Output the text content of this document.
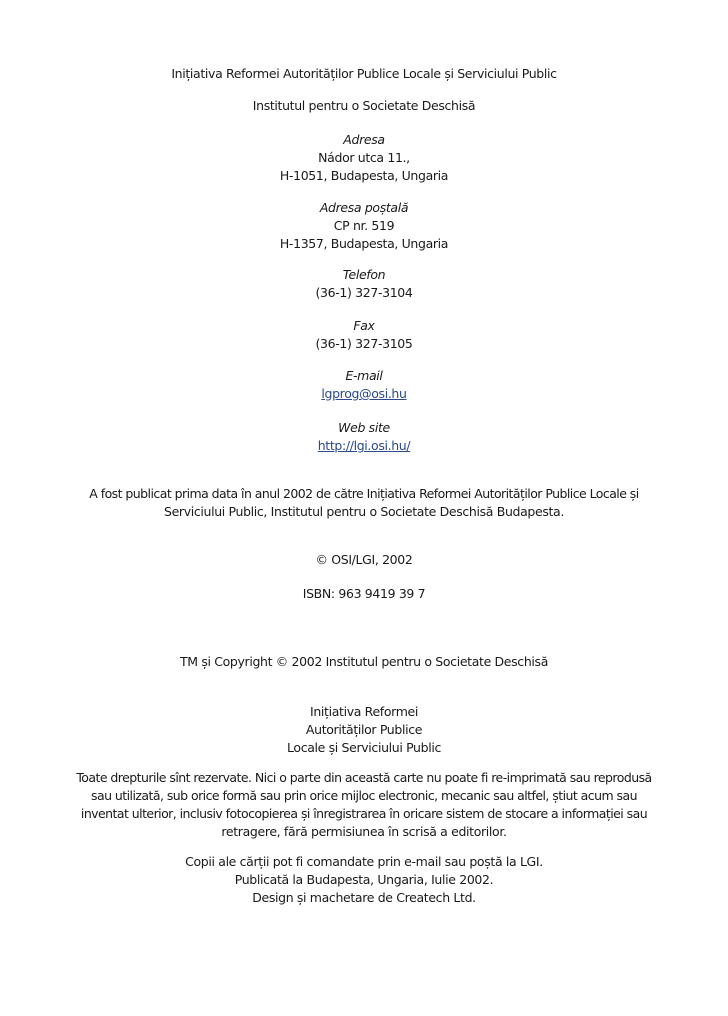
Inițiativa Reformei Autorităților Publice Locale și Serviciului Public
Institutul pentru o Societate Deschisă
Adresa
Nádor utca 11.,
H-1051, Budapesta, Ungaria
Adresa poștală
CP nr. 519
H-1357, Budapesta, Ungaria
Telefon
(36-1) 327-3104
Fax
(36-1) 327-3105
E-mail
lgprog@osi.hu
Web site
http://lgi.osi.hu/
A fost publicat prima data în anul 2002 de către Inițiativa Reformei Autorităților Publice Locale și
Serviciului Public, Institutul pentru o Societate Deschisă Budapesta.
© OSI/LGI, 2002
ISBN: 963 9419 39 7
TM și Copyright © 2002 Institutul pentru o Societate Deschisă
Inițiativa Reformei
Autorităților Publice
Locale și Serviciului Public
Toate drepturile sînt rezervate. Nici o parte din această carte nu poate fi re-imprimată sau reprodusă
sau utilizată, sub orice formă sau prin orice mijloc electronic, mecanic sau altfel, știut acum sau
inventat ulterior, inclusiv fotocopierea și înregistrarea în oricare sistem de stocare a informației sau
retragere, fără permisiunea în scrisă a editorilor.
Copii ale cărții pot fi comandate prin e-mail sau poștă la LGI.
Publicată la Budapesta, Ungaria, Iulie 2002.
Design și machetare de Createch Ltd.
